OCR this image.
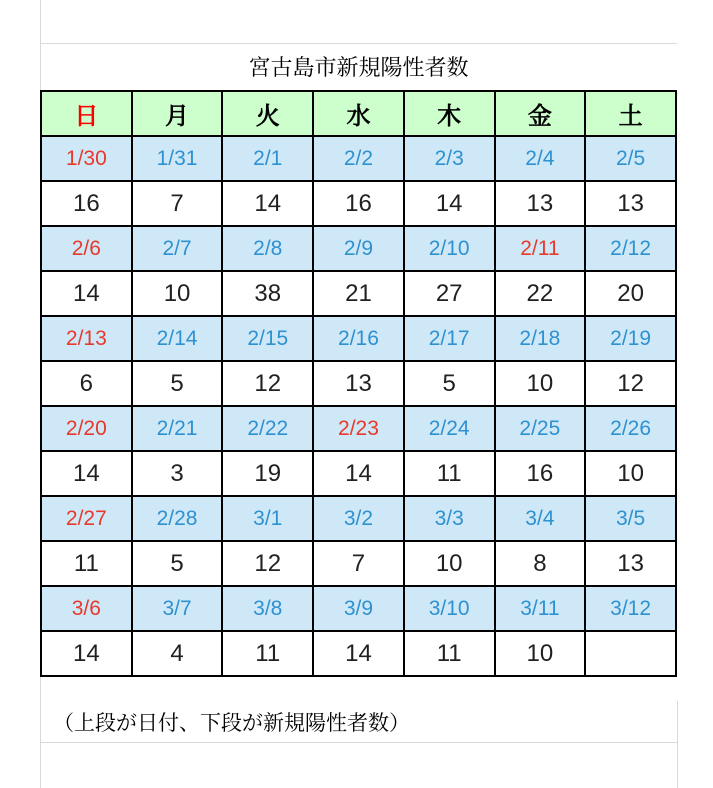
宮古島市新規陽性者数
日	月	火	水	木	金	土
1/30	1/31	2/1	2/2	2/3	2/4	2/5
16	7	14	16	14	13	13
2/6	2/7	2/8	2/9	2/10	2/11	2/12
14	10	38	21	27	22	20
2/13	2/14	2/15	2/16	2/17	2/18	2/19
6	5	12	13	5	10	12
2/20	2/21	2/22	2/23	2/24	2/25	2/26
14	3	19	14	11	16	10
2/27	2/28	3/1	3/2	3/3	3/4	3/5
11	5	12	7	10	8	13
3/6	3/7	3/8	3/9	3/10	3/11	3/12
14	4	11	14	11	10	
（上段が日付、下段が新規陽性者数）
